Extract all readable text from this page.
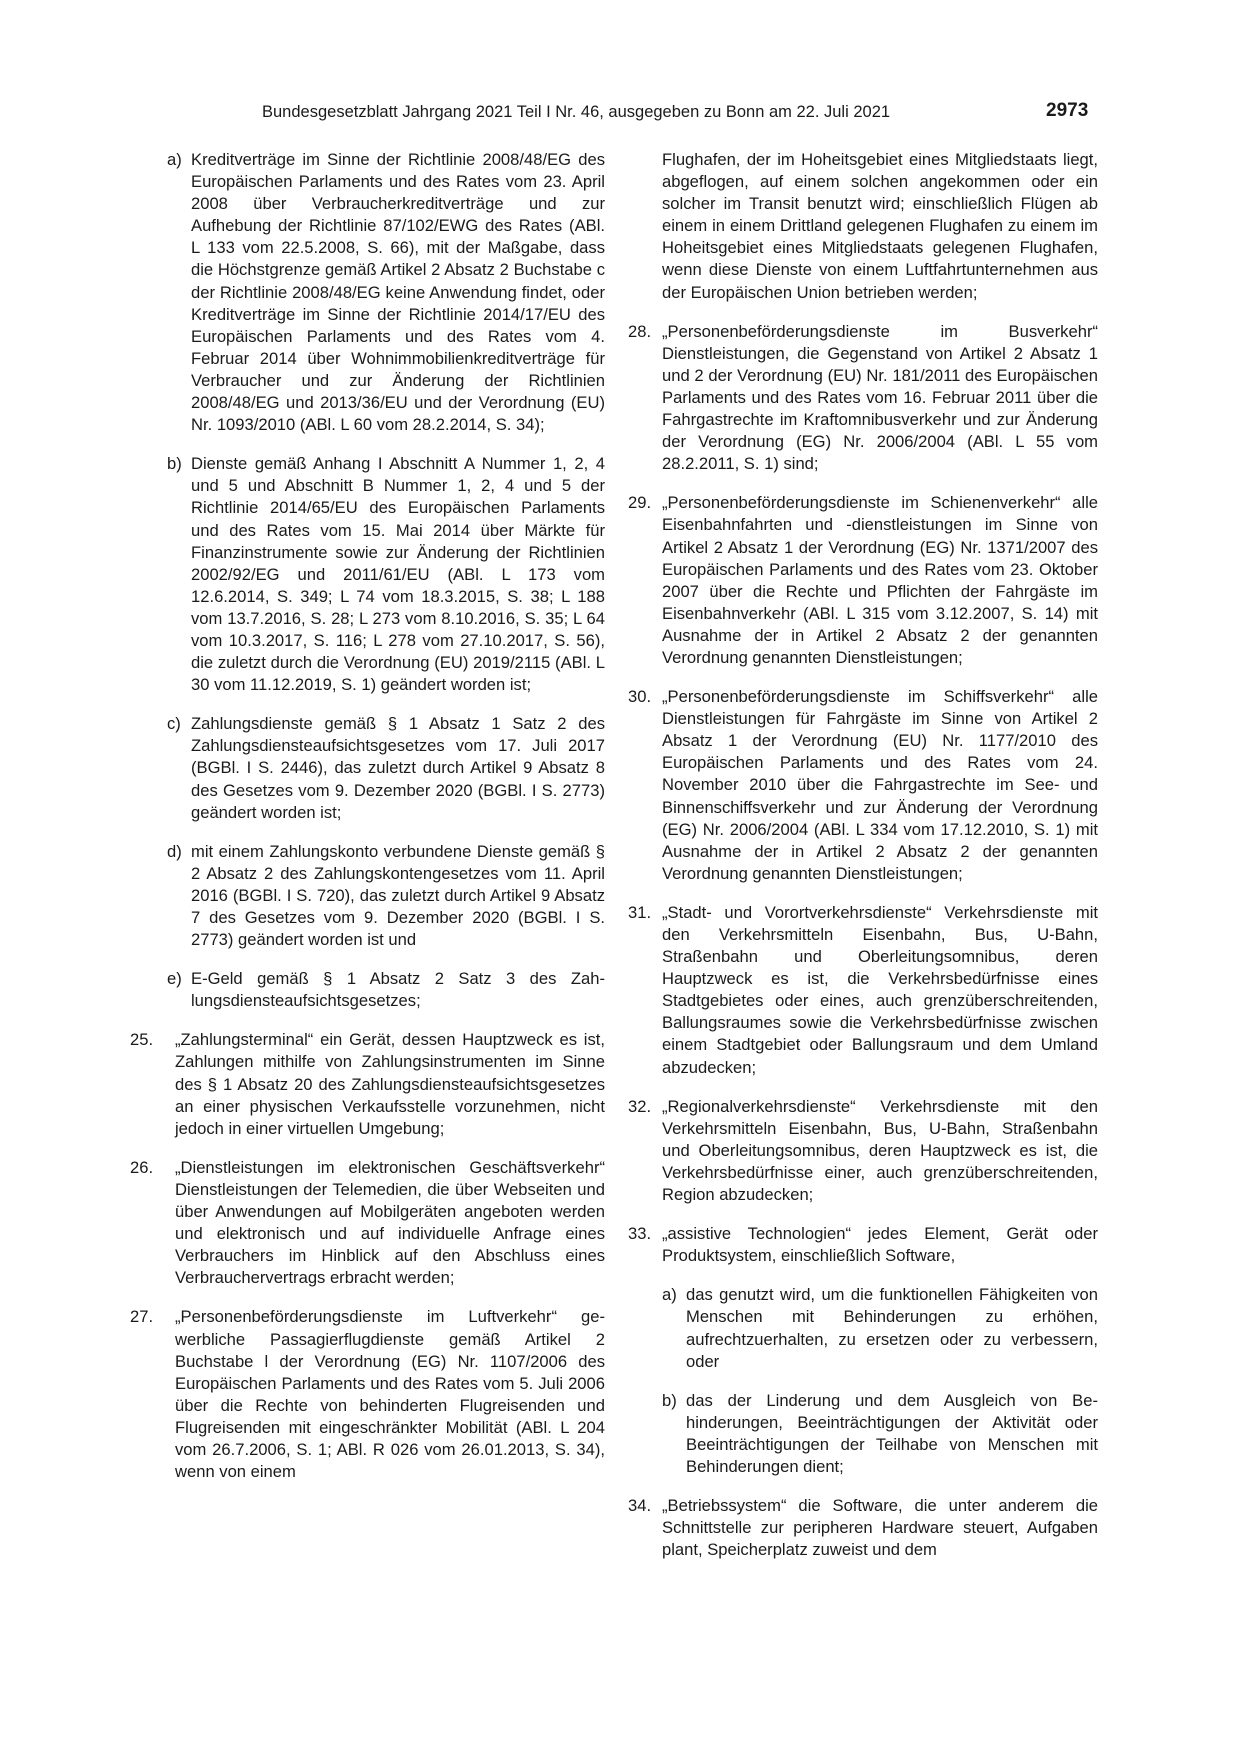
Bundesgesetzblatt Jahrgang 2021 Teil I Nr. 46, ausgegeben zu Bonn am 22. Juli 2021	2973
a) Kreditverträge im Sinne der Richtlinie 2008/48/EG des Europäischen Parlaments und des Rates vom 23. April 2008 über Verbraucherkreditverträge und zur Aufhebung der Richtlinie 87/102/EWG des Rates (ABl. L 133 vom 22.5.2008, S. 66), mit der Maßgabe, dass die Höchstgrenze gemäß Artikel 2 Absatz 2 Buchstabe c der Richtlinie 2008/48/EG keine Anwendung findet, oder Kreditverträge im Sinne der Richtlinie 2014/17/EU des Europäischen Parlaments und des Rates vom 4. Februar 2014 über Wohnimmobilienkreditverträge für Verbraucher und zur Änderung der Richtlinien 2008/48/EG und 2013/36/EU und der Verordnung (EU) Nr. 1093/2010 (ABl. L 60 vom 28.2.2014, S. 34);
b) Dienste gemäß Anhang I Abschnitt A Nummer 1, 2, 4 und 5 und Abschnitt B Nummer 1, 2, 4 und 5 der Richtlinie 2014/65/EU des Europäischen Parlaments und des Rates vom 15. Mai 2014 über Märkte für Finanzinstrumente sowie zur Änderung der Richtlinien 2002/92/EG und 2011/61/EU (ABl. L 173 vom 12.6.2014, S. 349; L 74 vom 18.3.2015, S. 38; L 188 vom 13.7.2016, S. 28; L 273 vom 8.10.2016, S. 35; L 64 vom 10.3.2017, S. 116; L 278 vom 27.10.2017, S. 56), die zuletzt durch die Verordnung (EU) 2019/2115 (ABl. L 30 vom 11.12.2019, S. 1) geändert worden ist;
c) Zahlungsdienste gemäß § 1 Absatz 1 Satz 2 des Zahlungsdiensteaufsichtsgesetzes vom 17. Juli 2017 (BGBl. I S. 2446), das zuletzt durch Artikel 9 Absatz 8 des Gesetzes vom 9. Dezember 2020 (BGBl. I S. 2773) geändert worden ist;
d) mit einem Zahlungskonto verbundene Dienste gemäß § 2 Absatz 2 des Zahlungskontengesetzes vom 11. April 2016 (BGBl. I S. 720), das zuletzt durch Artikel 9 Absatz 7 des Gesetzes vom 9. Dezember 2020 (BGBl. I S. 2773) geändert worden ist und
e) E-Geld gemäß § 1 Absatz 2 Satz 3 des Zahlungsdiensteaufsichtsgesetzes;
25. „Zahlungsterminal“ ein Gerät, dessen Hauptzweck es ist, Zahlungen mithilfe von Zahlungsinstrumenten im Sinne des § 1 Absatz 20 des Zahlungsdiensteaufsichtsgesetzes an einer physischen Verkaufsstelle vorzunehmen, nicht jedoch in einer virtuellen Umgebung;
26. „Dienstleistungen im elektronischen Geschäftsverkehr“ Dienstleistungen der Telemedien, die über Webseiten und über Anwendungen auf Mobilgeräten angeboten werden und elektronisch und auf individuelle Anfrage eines Verbrauchers im Hinblick auf den Abschluss eines Verbrauchervertrags erbracht werden;
27. „Personenbeförderungsdienste im Luftverkehr“ gewerbliche Passagierflugdienste gemäß Artikel 2 Buchstabe l der Verordnung (EG) Nr. 1107/2006 des Europäischen Parlaments und des Rates vom 5. Juli 2006 über die Rechte von behinderten Flugreisenden und Flugreisenden mit eingeschränkter Mobilität (ABl. L 204 vom 26.7.2006, S. 1; ABl. R 026 vom 26.01.2013, S. 34), wenn von einem
Flughafen, der im Hoheitsgebiet eines Mitgliedstaats liegt, abgeflogen, auf einem solchen angekommen oder ein solcher im Transit benutzt wird; einschließlich Flügen ab einem in einem Drittland gelegenen Flughafen zu einem im Hoheitsgebiet eines Mitgliedstaats gelegenen Flughafen, wenn diese Dienste von einem Luftfahrtunternehmen aus der Europäischen Union betrieben werden;
28. „Personenbeförderungsdienste im Busverkehr“ Dienstleistungen, die Gegenstand von Artikel 2 Absatz 1 und 2 der Verordnung (EU) Nr. 181/2011 des Europäischen Parlaments und des Rates vom 16. Februar 2011 über die Fahrgastrechte im Kraftomnibusverkehr und zur Änderung der Verordnung (EG) Nr. 2006/2004 (ABl. L 55 vom 28.2.2011, S. 1) sind;
29. „Personenbeförderungsdienste im Schienenverkehr“ alle Eisenbahnfahrten und -dienstleistungen im Sinne von Artikel 2 Absatz 1 der Verordnung (EG) Nr. 1371/2007 des Europäischen Parlaments und des Rates vom 23. Oktober 2007 über die Rechte und Pflichten der Fahrgäste im Eisenbahnverkehr (ABl. L 315 vom 3.12.2007, S. 14) mit Ausnahme der in Artikel 2 Absatz 2 der genannten Verordnung genannten Dienstleistungen;
30. „Personenbeförderungsdienste im Schiffsverkehr“ alle Dienstleistungen für Fahrgäste im Sinne von Artikel 2 Absatz 1 der Verordnung (EU) Nr. 1177/2010 des Europäischen Parlaments und des Rates vom 24. November 2010 über die Fahrgastrechte im See- und Binnenschiffsverkehr und zur Änderung der Verordnung (EG) Nr. 2006/2004 (ABl. L 334 vom 17.12.2010, S. 1) mit Ausnahme der in Artikel 2 Absatz 2 der genannten Verordnung genannten Dienstleistungen;
31. „Stadt- und Vorortverkehrsdienste“ Verkehrsdienste mit den Verkehrsmitteln Eisenbahn, Bus, U-Bahn, Straßenbahn und Oberleitungsomnibus, deren Hauptzweck es ist, die Verkehrsbedürfnisse eines Stadtgebietes oder eines, auch grenzüberschreitenden, Ballungsraumes sowie die Verkehrsbedürfnisse zwischen einem Stadtgebiet oder Ballungsraum und dem Umland abzudecken;
32. „Regionalverkehrsdienste“ Verkehrsdienste mit den Verkehrsmitteln Eisenbahn, Bus, U-Bahn, Straßenbahn und Oberleitungsomnibus, deren Hauptzweck es ist, die Verkehrsbedürfnisse einer, auch grenzüberschreitenden, Region abzudecken;
33. „assistive Technologien“ jedes Element, Gerät oder Produktsystem, einschließlich Software,
a) das genutzt wird, um die funktionellen Fähigkeiten von Menschen mit Behinderungen zu erhöhen, aufrechtzuerhalten, zu ersetzen oder zu verbessern, oder
b) das der Linderung und dem Ausgleich von Behinderungen, Beeinträchtigungen der Aktivität oder Beeinträchtigungen der Teilhabe von Menschen mit Behinderungen dient;
34. „Betriebssystem“ die Software, die unter anderem die Schnittstelle zur peripheren Hardware steuert, Aufgaben plant, Speicherplatz zuweist und dem
